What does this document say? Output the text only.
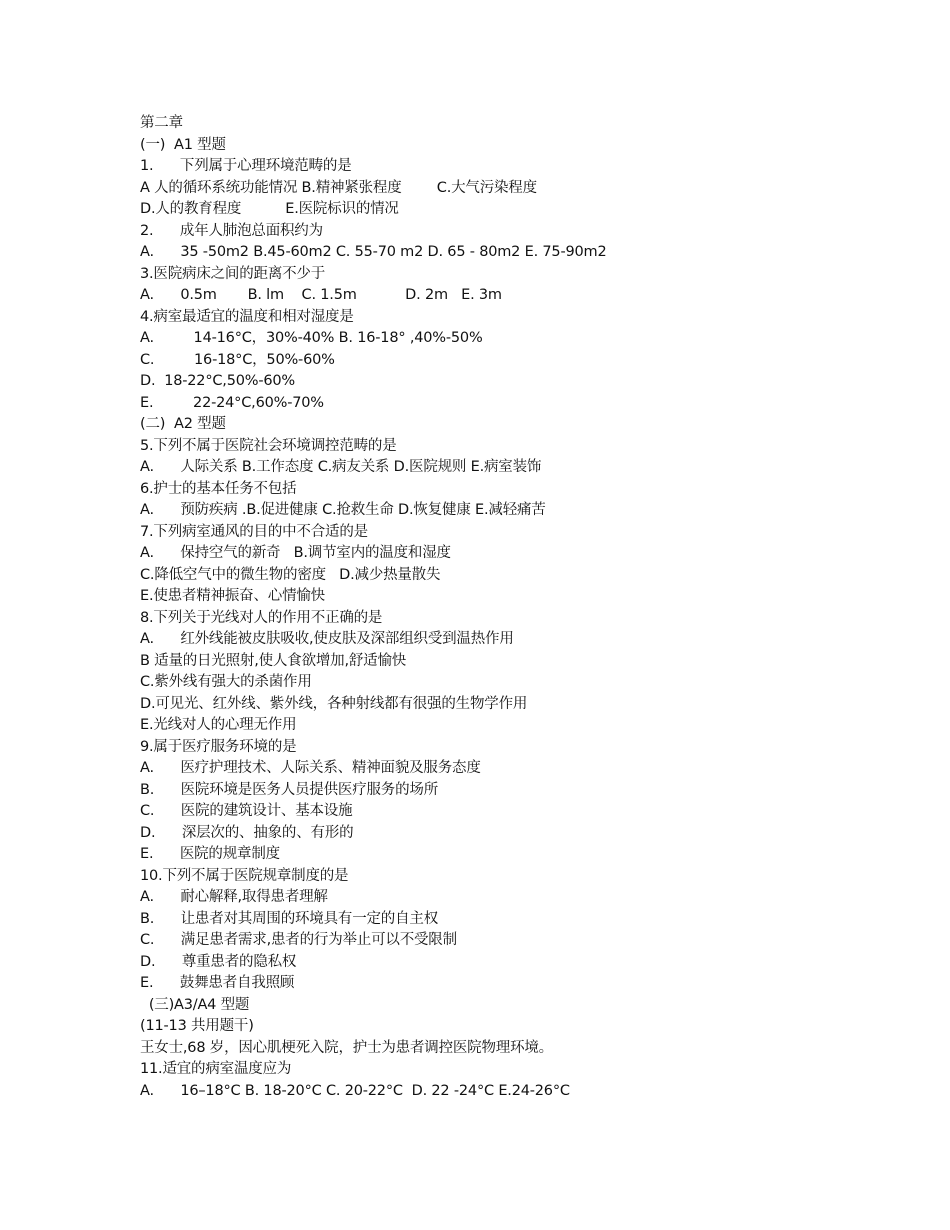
第二章
(一)  A1 型题
1.      下列属于心理环境范畴的是
A 人的循环系统功能情况 B.精神紧张程度        C.大气污染程度
D.人的教育程度          E.医院标识的情况
2.      成年人肺泡总面积约为
A.      35 -50m2 B.45-60m2 C. 55-70 m2 D. 65 - 80m2 E. 75-90m2
3.医院病床之间的距离不少于
A.      0.5m       B. lm    C. 1.5m           D. 2m   E. 3m
4.病室最适宜的温度和相对湿度是
A.         14-16°C，30%-40% B. 16-18° ,40%-50%
C.         16-18°C，50%-60%
D.  18-22°C,50%-60%
E.         22-24°C,60%-70%
(二)  A2 型题
5.下列不属于医院社会环境调控范畴的是
A.      人际关系 B.工作态度 C.病友关系 D.医院规则 E.病室装饰
6.护士的基本任务不包括
A.      预防疾病 .B.促进健康 C.抢救生命 D.恢复健康 E.减轻痛苦
7.下列病室通风的目的中不合适的是
A.      保持空气的新奇   B.调节室内的温度和湿度
C.降低空气中的微生物的密度   D.减少热量散失
E.使患者精神振奋、心情愉快
8.下列关于光线对人的作用不正确的是
A.      红外线能被皮肤吸收,使皮肤及深部组织受到温热作用
B 适量的日光照射,使人食欲增加,舒适愉快
C.紫外线有强大的杀菌作用
D.可见光、红外线、紫外线，各种射线都有很强的生物学作用
E.光线对人的心理无作用
9.属于医疗服务环境的是
A.      医疗护理技术、人际关系、精神面貌及服务态度
B.      医院环境是医务人员提供医疗服务的场所
C.      医院的建筑设计、基本设施
D.      深层次的、抽象的、有形的
E.      医院的规章制度
10.下列不属于医院规章制度的是
A.      耐心解释,取得患者理解
B.      让患者对其周围的环境具有一定的自主权
C.      满足患者需求,患者的行为举止可以不受限制
D.      尊重患者的隐私权
E.      鼓舞患者自我照顾
(三)A3/A4 型题
(11-13 共用题干)
王女士,68 岁，因心肌梗死入院，护士为患者调控医院物理环境。
11.适宜的病室温度应为
A.      16–18°C B. 18-20°C C. 20-22°C  D. 22 -24°C E.24-26°C
